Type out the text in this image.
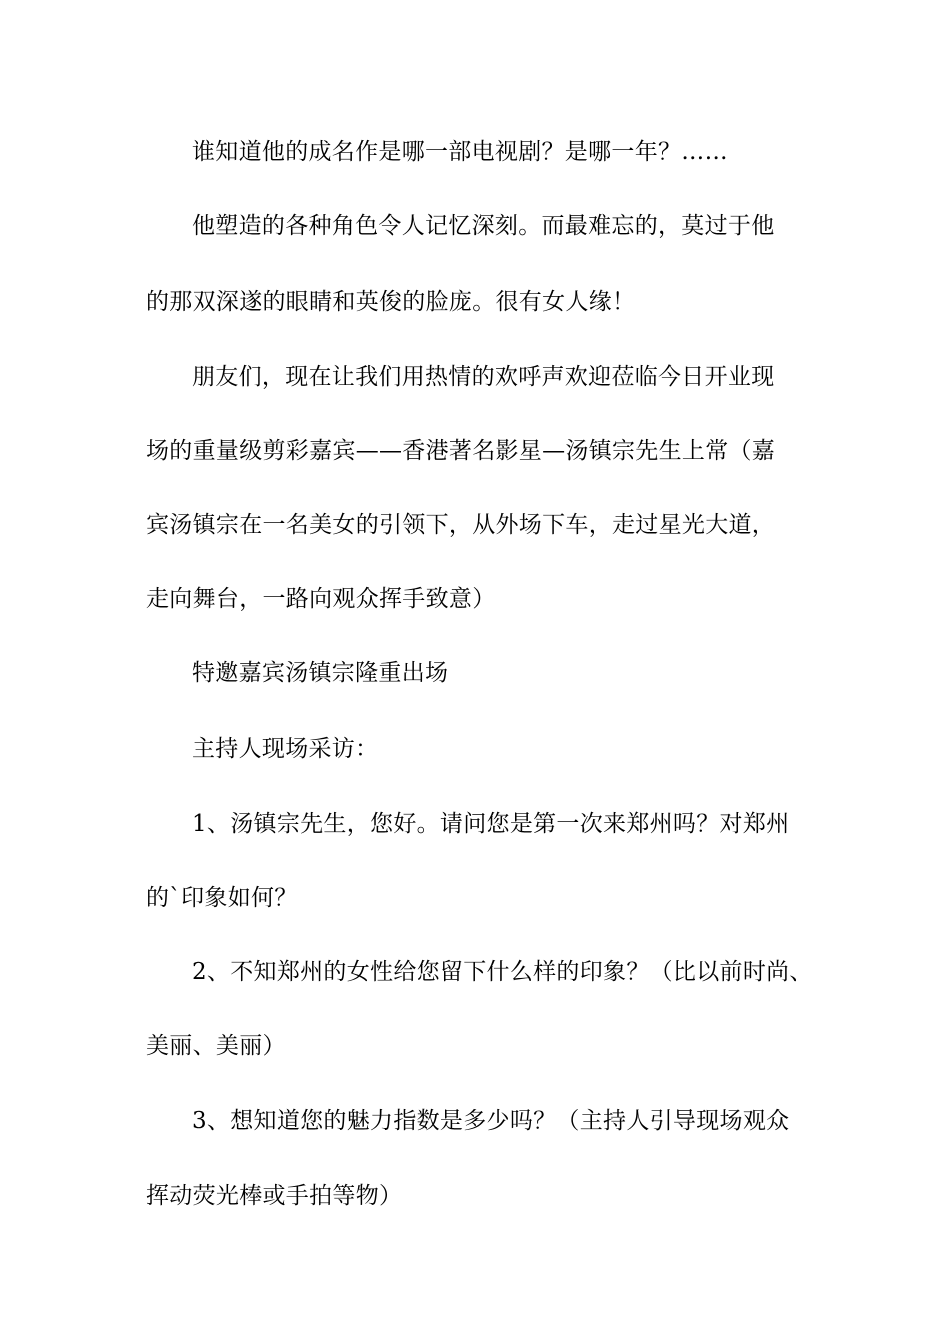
谁知道他的成名作是哪一部电视剧？是哪一年？……
他塑造的各种角色令人记忆深刻。而最难忘的，莫过于他
的那双深遂的眼睛和英俊的脸庞。很有女人缘！
朋友们，现在让我们用热情的欢呼声欢迎莅临今日开业现
场的重量级剪彩嘉宾——香港著名影星—汤镇宗先生上常（嘉
宾汤镇宗在一名美女的引领下，从外场下车，走过星光大道，
走向舞台，一路向观众挥手致意）
特邀嘉宾汤镇宗隆重出场
主持人现场采访：
1、汤镇宗先生，您好。请问您是第一次来郑州吗？对郑州
的`印象如何？
2、不知郑州的女性给您留下什么样的印象？（比以前时尚、
美丽、美丽）
3、想知道您的魅力指数是多少吗？（主持人引导现场观众
挥动荧光棒或手拍等物）
